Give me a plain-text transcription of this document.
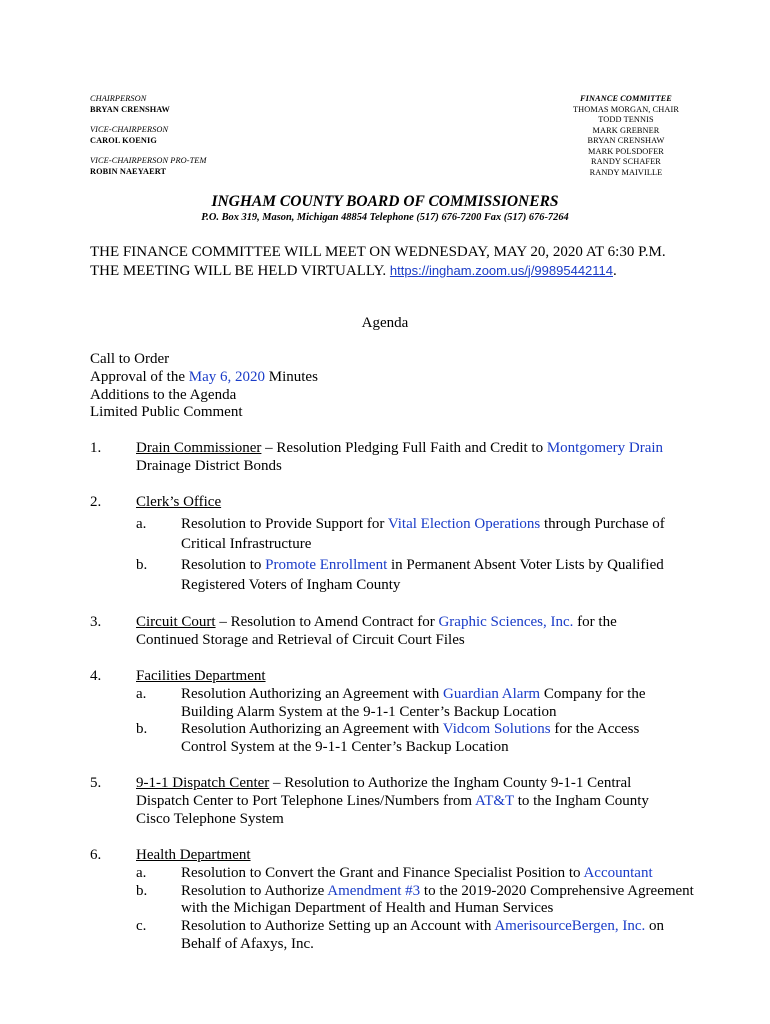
CHAIRPERSON
BRYAN CRENSHAW
VICE-CHAIRPERSON
CAROL KOENIG
VICE-CHAIRPERSON PRO-TEM
ROBIN NAEYAERT
FINANCE COMMITTEE
THOMAS MORGAN, CHAIR
TODD TENNIS
MARK GREBNER
BRYAN CRENSHAW
MARK POLSDOFER
RANDY SCHAFER
RANDY MAIVILLE
INGHAM COUNTY BOARD OF COMMISSIONERS
P.O. Box 319, Mason, Michigan 48854 Telephone (517) 676-7200 Fax (517) 676-7264
THE FINANCE COMMITTEE WILL MEET ON WEDNESDAY, MAY 20, 2020 AT 6:30 P.M.
THE MEETING WILL BE HELD VIRTUALLY. https://ingham.zoom.us/j/99895442114.
Agenda
Call to Order
Approval of the May 6, 2020 Minutes
Additions to the Agenda
Limited Public Comment
1. Drain Commissioner – Resolution Pledging Full Faith and Credit to Montgomery Drain
Drainage District Bonds
2. Clerk’s Office
a. Resolution to Provide Support for Vital Election Operations through Purchase of
Critical Infrastructure
b. Resolution to Promote Enrollment in Permanent Absent Voter Lists by Qualified
Registered Voters of Ingham County
3. Circuit Court – Resolution to Amend Contract for Graphic Sciences, Inc. for the
Continued Storage and Retrieval of Circuit Court Files
4. Facilities Department
a. Resolution Authorizing an Agreement with Guardian Alarm Company for the
Building Alarm System at the 9-1-1 Center’s Backup Location
b. Resolution Authorizing an Agreement with Vidcom Solutions for the Access
Control System at the 9-1-1 Center’s Backup Location
5. 9-1-1 Dispatch Center – Resolution to Authorize the Ingham County 9-1-1 Central
Dispatch Center to Port Telephone Lines/Numbers from AT&T to the Ingham County
Cisco Telephone System
6. Health Department
a. Resolution to Convert the Grant and Finance Specialist Position to Accountant
b. Resolution to Authorize Amendment #3 to the 2019-2020 Comprehensive Agreement
with the Michigan Department of Health and Human Services
c. Resolution to Authorize Setting up an Account with AmerisourceBergen, Inc. on
Behalf of Afaxys, Inc.
